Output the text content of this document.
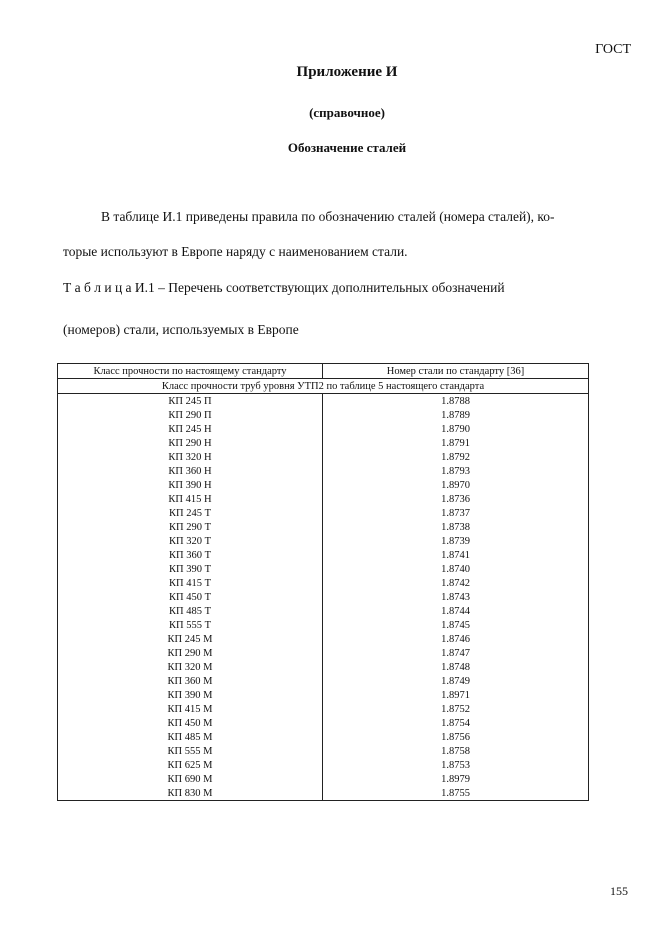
ГОСТ
Приложение И
(справочное)
Обозначение сталей
В таблице И.1 приведены правила по обозначению сталей (номера сталей), ко-
торые используют в Европе наряду с наименованием стали.
Т а б л и ц а И.1 – Перечень соответствующих дополнительных обозначений
(номеров) стали, используемых в Европе
Класс прочности по настоящему стандарту	Номер стали по стандарту [36]
Класс прочности труб уровня УТП2 по таблице 5 настоящего стандарта	
КП 245 П	1.8788
КП 290 П	1.8789
КП 245 Н	1.8790
КП 290 Н	1.8791
КП 320 Н	1.8792
КП 360 Н	1.8793
КП 390 Н	1.8970
КП 415 Н	1.8736
КП 245 Т	1.8737
КП 290 Т	1.8738
КП 320 Т	1.8739
КП 360 Т	1.8741
КП 390 Т	1.8740
КП 415 Т	1.8742
КП 450 Т	1.8743
КП 485 Т	1.8744
КП 555 Т	1.8745
КП 245 М	1.8746
КП 290 М	1.8747
КП 320 М	1.8748
КП 360 М	1.8749
КП 390 М	1.8971
КП 415 М	1.8752
КП 450 М	1.8754
КП 485 М	1.8756
КП 555 М	1.8758
КП 625 М	1.8753
КП 690 М	1.8979
КП 830 М	1.8755
155
